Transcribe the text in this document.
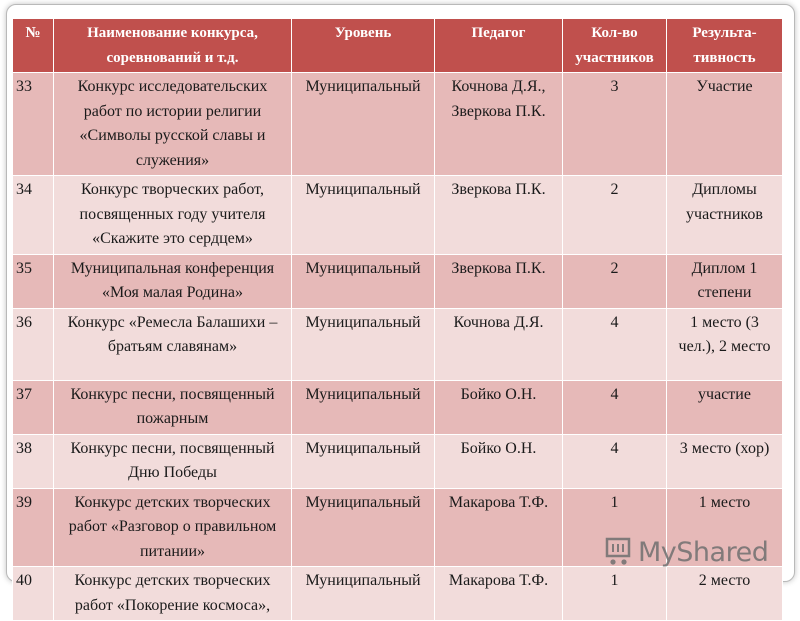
№	Наименование конкурса, соревнований и т.д.	Уровень	Педагог	Кол-во участников	Результа-тивность
33	Конкурс исследовательских работ по истории религии «Символы русской славы и служения»	Муниципальный	Кочнова Д.Я., Зверкова П.К.	3	Участие
34	Конкурс творческих работ, посвященных году учителя «Скажите это сердцем»	Муниципальный	Зверкова П.К.	2	Дипломы участников
35	Муниципальная конференция «Моя малая Родина»	Муниципальный	Зверкова П.К.	2	Диплом 1 степени
36	Конкурс «Ремесла Балашихи – братьям славянам»	Муниципальный	Кочнова Д.Я.	4	1 место (3 чел.), 2 место
37	Конкурс песни, посвященный пожарным	Муниципальный	Бойко О.Н.	4	участие
38	Конкурс песни, посвященный Дню Победы	Муниципальный	Бойко О.Н.	4	3 место (хор)
39	Конкурс детских творческих работ «Разговор о правильном питании»	Муниципальный	Макарова Т.Ф.	1	1 место
40	Конкурс детских творческих работ «Покорение космоса»,	Муниципальный	Макарова Т.Ф.	1	2 место
MyShared
